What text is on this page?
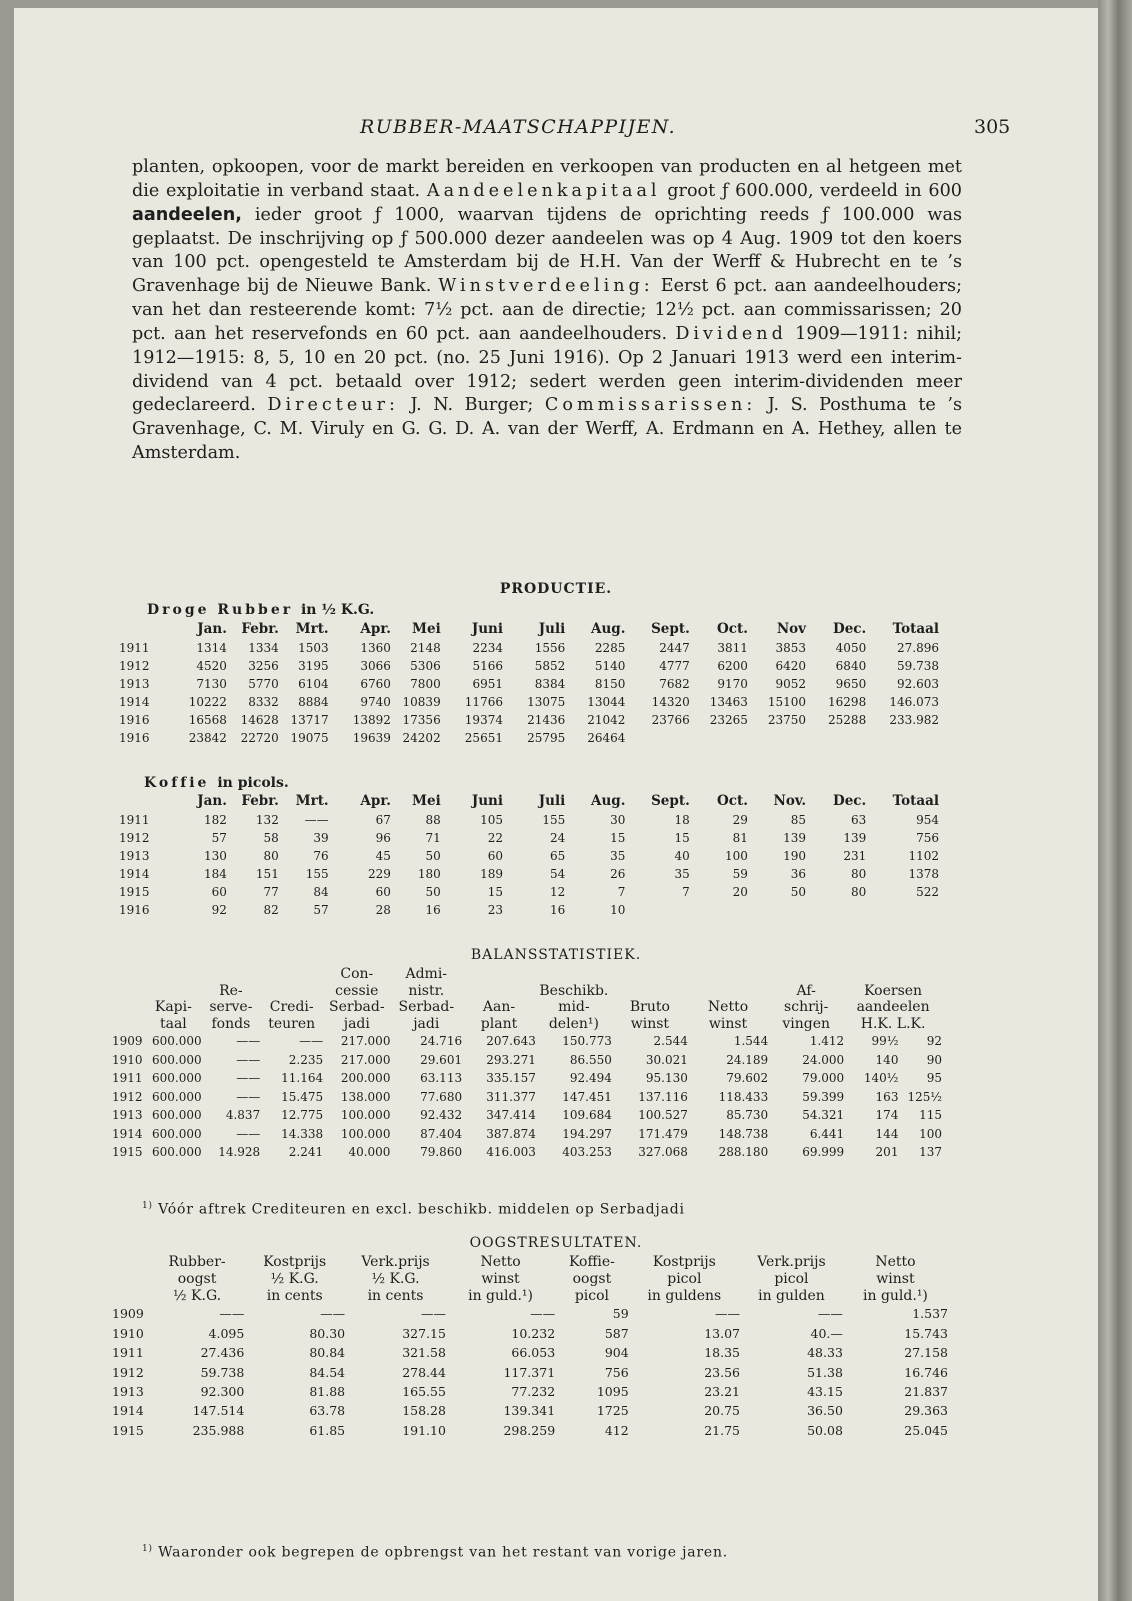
RUBBER-MAATSCHAPPIJEN.	305

planten, opkoopen, voor de markt bereiden en verkoopen van producten en al hetgeen met die exploitatie in verband staat. Aandeelenkapitaal groot ƒ 600.000, verdeeld in 600 aandeelen, ieder groot ƒ 1000, waarvan tijdens de oprichting reeds ƒ 100.000 was geplaatst. De inschrijving op ƒ 500.000 dezer aandeelen was op 4 Aug. 1909 tot den koers van 100 pct. opengesteld te Amsterdam bij de H.H. Van der Werff & Hubrecht en te ’s Gravenhage bij de Nieuwe Bank. Winstverdeeling: Eerst 6 pct. aan aandeelhouders; van het dan resteerende komt: 7½ pct. aan de directie; 12½ pct. aan commissarissen; 20 pct. aan het reservefonds en 60 pct. aan aandeelhouders. Dividend 1909—1911: nihil; 1912—1915: 8, 5, 10 en 20 pct. (no. 25 Juni 1916). Op 2 Januari 1913 werd een interim-dividend van 4 pct. betaald over 1912; sedert werden geen interim-dividenden meer gedeclareerd. Directeur: J. N. Burger; Commissarissen: J. S. Posthuma te ’s Gravenhage, C. M. Viruly en G. G. D. A. van der Werff, A. Erdmann en A. Hethey, allen te Amsterdam.

PRODUCTIE.
Droge Rubber in ½ K.G.
	Jan.	Febr.	Mrt.	Apr.	Mei	Juni	Juli	Aug.	Sept.	Oct.	Nov	Dec.	Totaal
1911	1314	1334	1503	1360	2148	2234	1556	2285	2447	3811	3853	4050	27.896
1912	4520	3256	3195	3066	5306	5166	5852	5140	4777	6200	6420	6840	59.738
1913	7130	5770	6104	6760	7800	6951	8384	8150	7682	9170	9052	9650	92.603
1914	10222	8332	8884	9740	10839	11766	13075	13044	14320	13463	15100	16298	146.073
1916	16568	14628	13717	13892	17356	19374	21436	21042	23766	23265	23750	25288	233.982
1916	23842	22720	19075	19639	24202	25651	25795	26464					
Koffie in picols.
	Jan.	Febr.	Mrt.	Apr.	Mei	Juni	Juli	Aug.	Sept.	Oct.	Nov.	Dec.	Totaal
1911	182	132	——	67	88	105	155	30	18	29	85	63	954
1912	57	58	39	96	71	22	24	15	15	81	139	139	756
1913	130	80	76	45	50	60	65	35	40	100	190	231	1102
1914	184	151	155	229	180	189	54	26	35	59	36	80	1378
1915	60	77	84	60	50	15	12	7	7	20	50	80	522
1916	92	82	57	28	16	23	16	10					
BALANSSTATISTIEK.
				Con-	Admi-							
		Re-		cessie	nistr.		Beschikb.			Af-	Koersen	
	Kapi-	serve-	Credi-	Serbad-	Serbad-	Aan-	mid-	Bruto	Netto	schrij-	aandeelen	
	taal	fonds	teuren	jadi	jadi	plant	delen¹)	winst	winst	vingen	H.K. L.K.	
1909	600.000	——	——	217.000	24.716	207.643	150.773	2.544	1.544	1.412	99½	92
1910	600.000	——	2.235	217.000	29.601	293.271	86.550	30.021	24.189	24.000	140	90
1911	600.000	——	11.164	200.000	63.113	335.157	92.494	95.130	79.602	79.000	140½	95
1912	600.000	——	15.475	138.000	77.680	311.377	147.451	137.116	118.433	59.399	163	125½
1913	600.000	4.837	12.775	100.000	92.432	347.414	109.684	100.527	85.730	54.321	174	115
1914	600.000	——	14.338	100.000	87.404	387.874	194.297	171.479	148.738	6.441	144	100
1915	600.000	14.928	2.241	40.000	79.860	416.003	403.253	327.068	288.180	69.999	201	137
$^{1)}$ Vóór aftrek Crediteuren en excl. beschikb. middelen op Serbadjadi
OOGSTRESULTATEN.
	Rubber-	Kostprijs	Verk.prijs	Netto	Koffie-	Kostprijs	Verk.prijs	Netto
	oogst	½ K.G.	½ K.G.	winst	oogst	picol	picol	winst
	½ K.G.	in cents	in cents	in guld.¹)	picol	in guldens	in gulden	in guld.¹)
1909	——	——	——	——	59	——	——	1.537
1910	4.095	80.30	327.15	10.232	587	13.07	40.—	15.743
1911	27.436	80.84	321.58	66.053	904	18.35	48.33	27.158
1912	59.738	84.54	278.44	117.371	756	23.56	51.38	16.746
1913	92.300	81.88	165.55	77.232	1095	23.21	43.15	21.837
1914	147.514	63.78	158.28	139.341	1725	20.75	36.50	29.363
1915	235.988	61.85	191.10	298.259	412	21.75	50.08	25.045
$^{1)}$ Waaronder ook begrepen de opbrengst van het restant van vorige jaren.
